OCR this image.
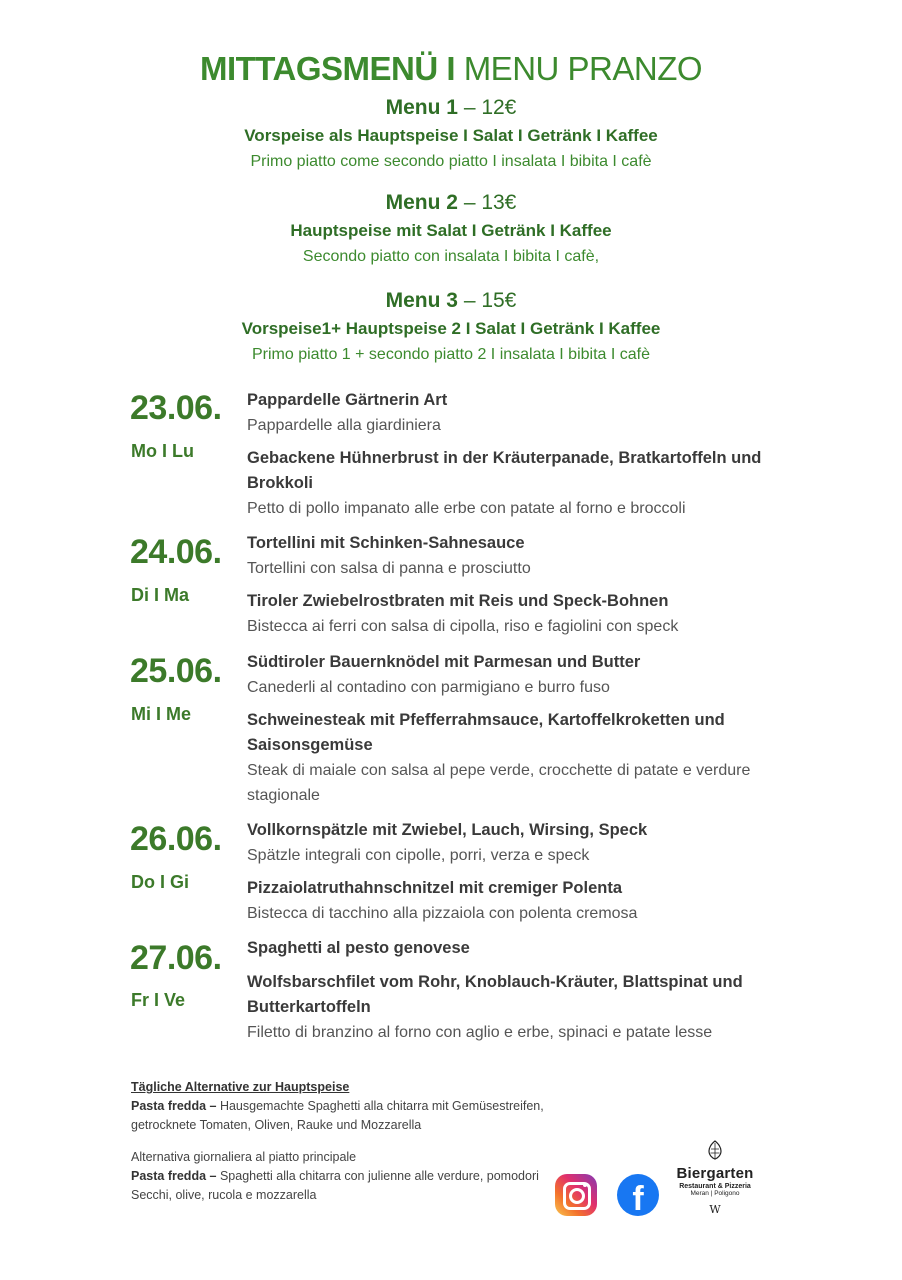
MITTAGSMENÜ I MENU PRANZO
Menu 1 – 12€
Vorspeise als Hauptspeise I Salat I Getränk I Kaffee
Primo piatto come secondo piatto I insalata I bibita I cafè
Menu 2 – 13€
Hauptspeise mit Salat I Getränk I Kaffee
Secondo piatto con insalata I bibita I cafè,
Menu 3 – 15€
Vorspeise1+ Hauptspeise 2 I Salat I Getränk I Kaffee
Primo piatto 1 + secondo piatto 2 I insalata I bibita I cafè
23.06.
Mo I Lu
Pappardelle Gärtnerin Art
Pappardelle alla giardiniera
Gebackene Hühnerbrust in der Kräuterpanade, Bratkartoffeln und Brokkoli
Petto di pollo impanato alle erbe con patate al forno e broccoli
24.06.
Di I Ma
Tortellini mit Schinken-Sahnesauce
Tortellini con salsa di panna e prosciutto
Tiroler Zwiebelrostbraten mit Reis und Speck-Bohnen
Bistecca ai ferri con salsa di cipolla, riso e fagiolini con speck
25.06.
Mi I Me
Südtiroler Bauernknödel mit Parmesan und Butter
Canederli al contadino con parmigiano e burro fuso
Schweinesteak mit Pfefferrahmsauce, Kartoffelkroketten und Saisonsgemüse
Steak di maiale con salsa al pepe verde, crocchette di patate e verdure stagionale
26.06.
Do I Gi
Vollkornspätzle mit Zwiebel, Lauch, Wirsing, Speck
Spätzle integrali con cipolle, porri, verza e speck
Pizzaiolatruthahnschnitzel mit cremiger Polenta
Bistecca di tacchino alla pizzaiola con polenta cremosa
27.06.
Fr I Ve
Spaghetti al pesto genovese
Wolfsbarschfilet vom Rohr, Knoblauch-Kräuter, Blattspinat und Butterkartoffeln
Filetto di branzino al forno con aglio e erbe, spinaci e patate lesse
Tägliche Alternative zur Hauptspeise
Pasta fredda – Hausgemachte Spaghetti alla chitarra mit Gemüsestreifen,
getrocknete Tomaten, Oliven, Rauke und Mozzarella
Alternativa giornaliera al piatto principale
Pasta fredda – Spaghetti alla chitarra con julienne alle verdure, pomodori
Secchi, olive, rucola e mozzarella	f
Biergarten
Restaurant & Pizzeria
Meran | Poligono
W
